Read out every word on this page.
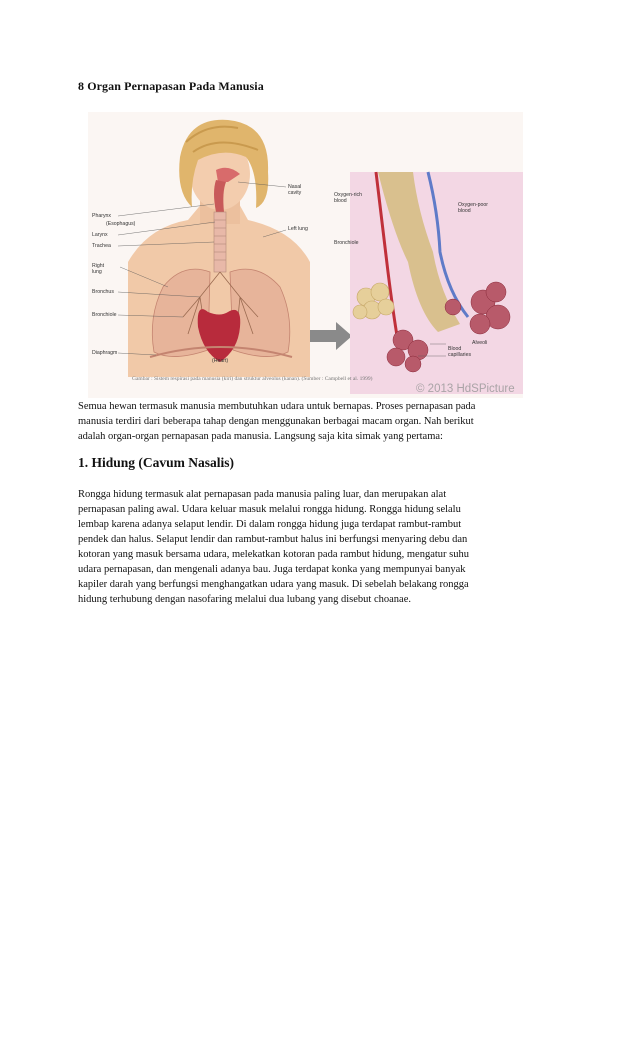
8 Organ Pernapasan Pada Manusia
Pharynx
(Esophagus)
Larynx
Trachea
Right
lung
Bronchus
Bronchiole
Diaphragm
(Heart)
Nasal
cavity
Left lung
Oxygen-rich
blood
Oxygen-poor
blood
Bronchiole
Alveoli
Blood
capillaries
Gambar : Sistem respirasi pada manusia (kiri) dan struktur alveolus (kanan). (Sumber : Campbell et al. 1999)
© 2013 HdSPicture
Semua hewan termasuk manusia membutuhkan udara untuk bernapas. Proses pernapasan pada
manusia terdiri dari beberapa tahap dengan menggunakan berbagai macam organ. Nah berikut
adalah organ-organ pernapasan pada manusia. Langsung saja kita simak yang pertama:
1. Hidung (Cavum Nasalis)
Rongga hidung termasuk alat pernapasan pada manusia paling luar, dan merupakan alat
pernapasan paling awal. Udara keluar masuk melalui rongga hidung. Rongga hidung selalu
lembap karena adanya selaput lendir. Di dalam rongga hidung juga terdapat rambut-rambut
pendek dan halus. Selaput lendir dan rambut-rambut halus ini berfungsi menyaring debu dan
kotoran yang masuk bersama udara, melekatkan kotoran pada rambut hidung, mengatur suhu
udara pernapasan, dan mengenali adanya bau. Juga terdapat konka yang mempunyai banyak
kapiler darah yang berfungsi menghangatkan udara yang masuk. Di sebelah belakang rongga
hidung terhubung dengan nasofaring melalui dua lubang yang disebut choanae.
